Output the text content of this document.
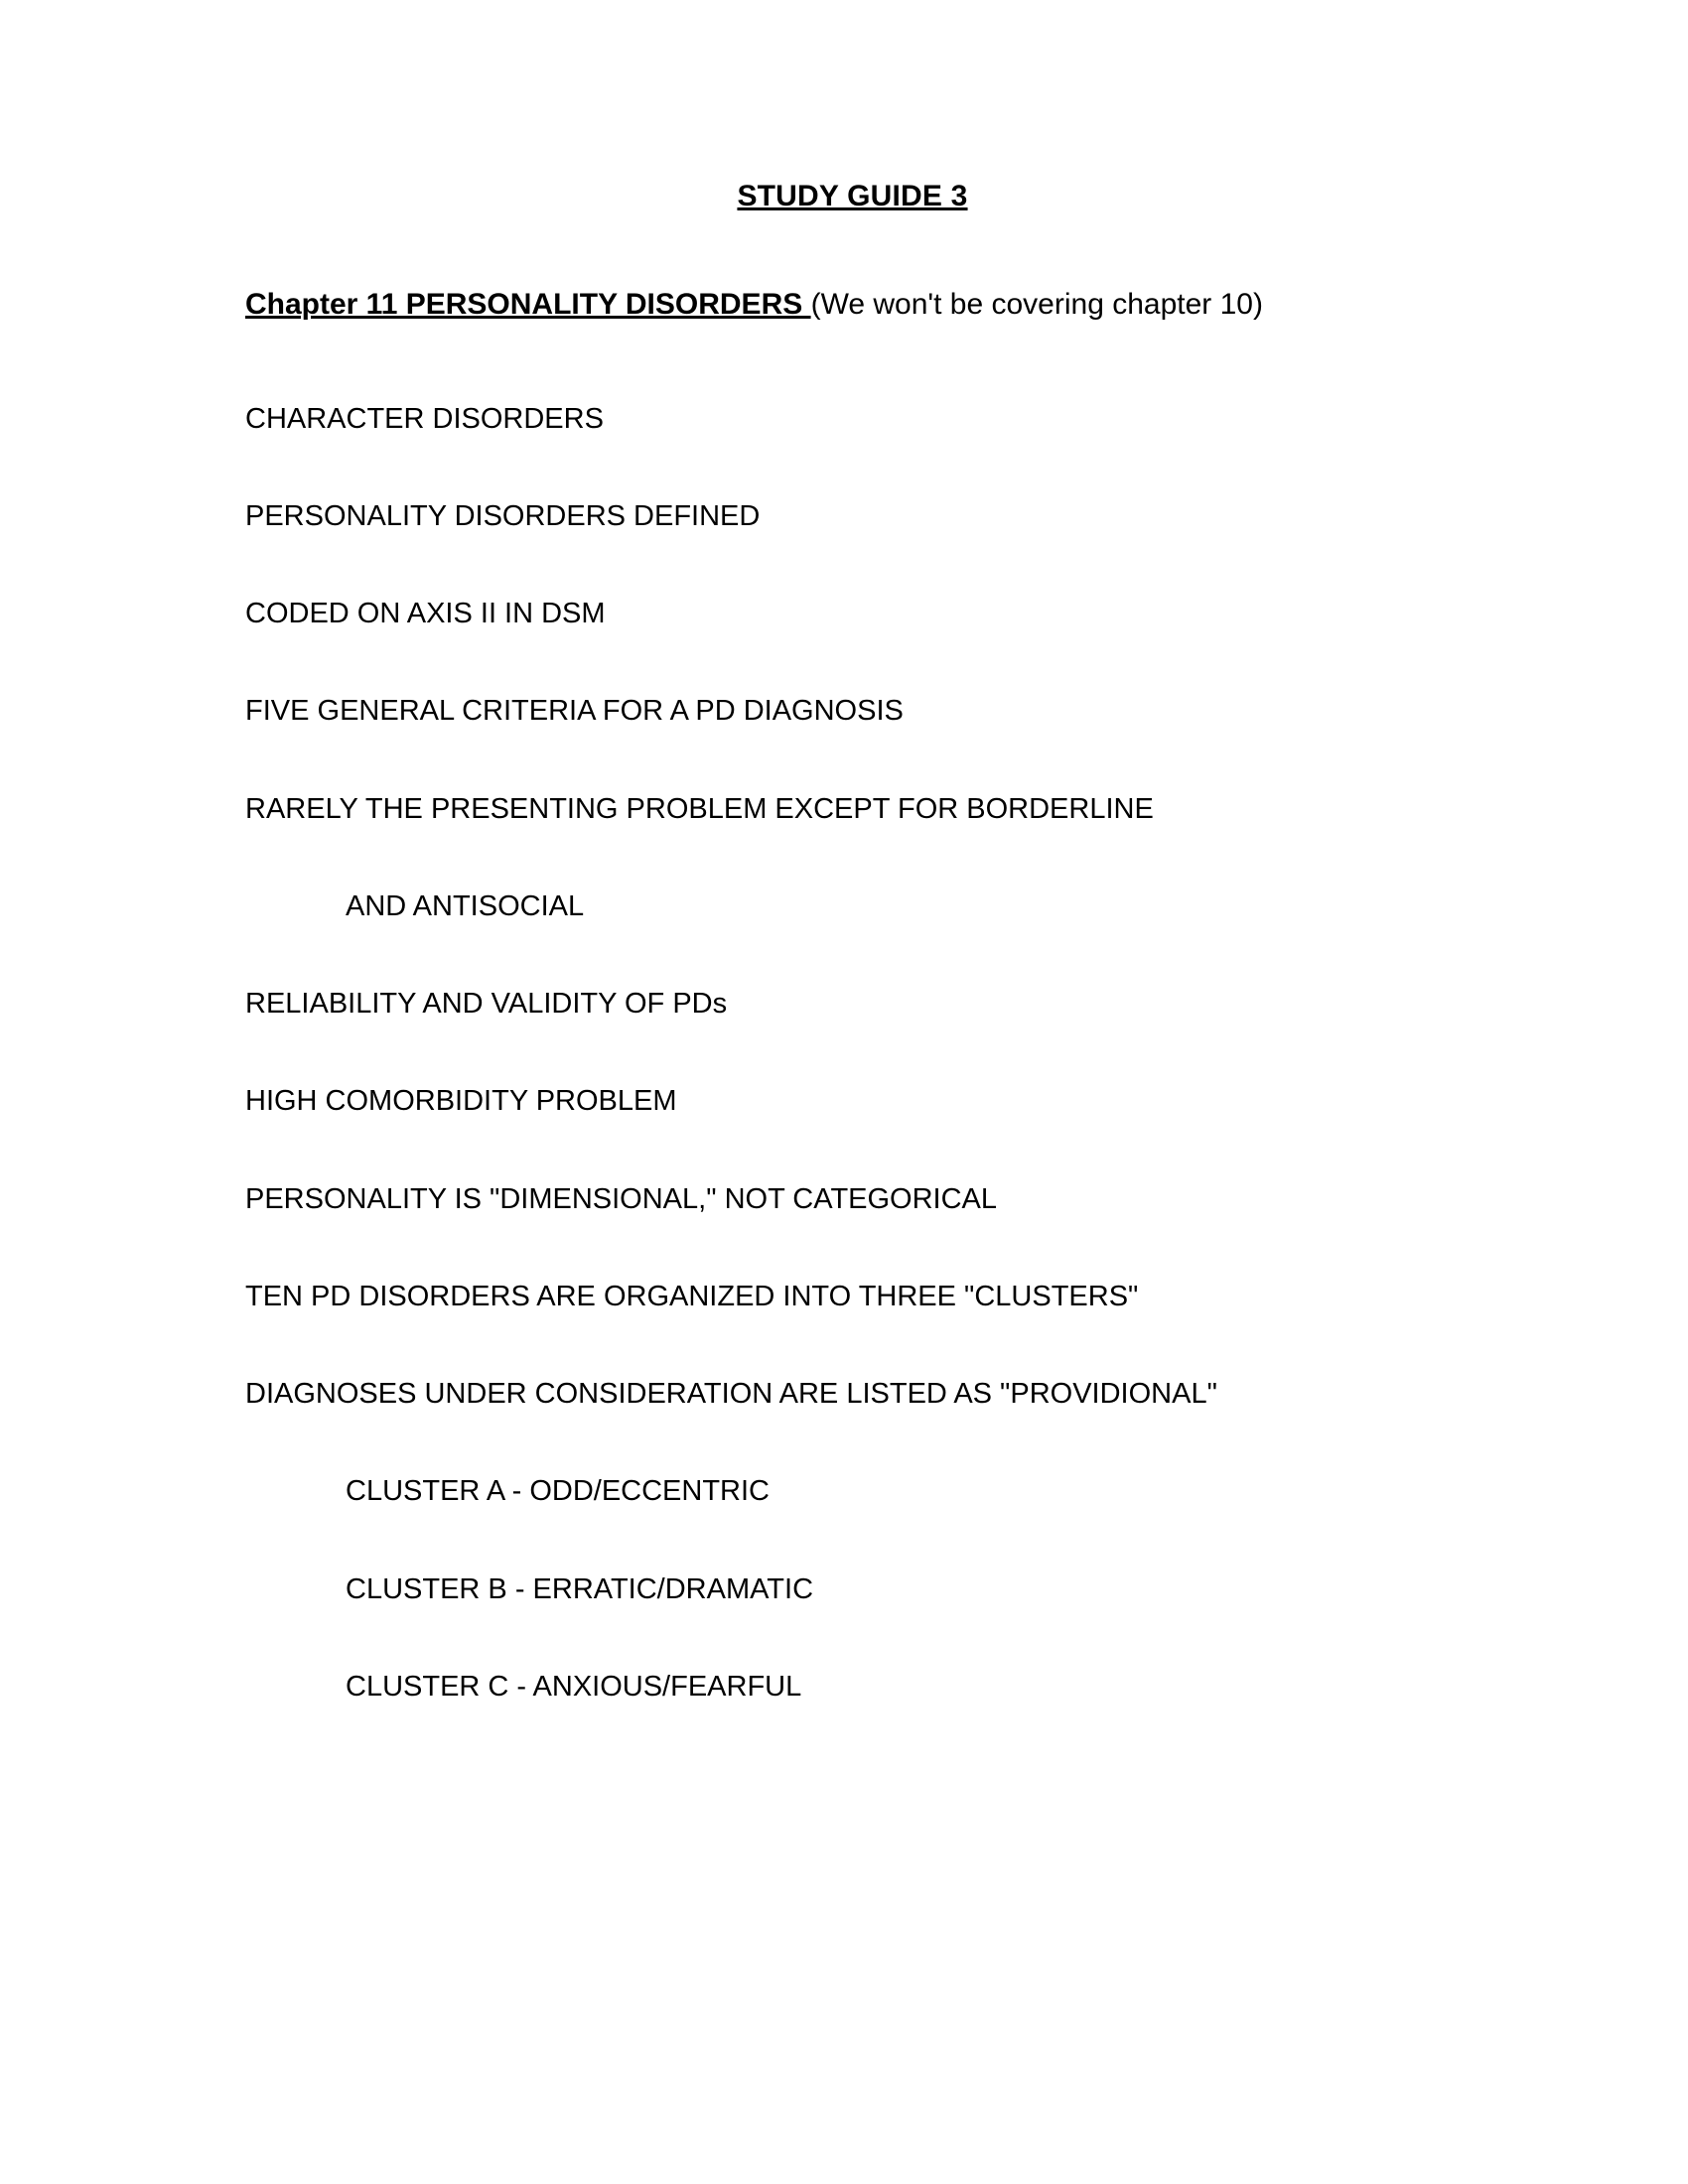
STUDY GUIDE 3
Chapter 11 PERSONALITY DISORDERS (We won't be covering chapter 10)
CHARACTER DISORDERS
PERSONALITY DISORDERS DEFINED
CODED ON AXIS II IN DSM
FIVE GENERAL CRITERIA FOR A PD DIAGNOSIS
RARELY THE PRESENTING PROBLEM EXCEPT FOR BORDERLINE
AND ANTISOCIAL
RELIABILITY AND VALIDITY OF PDs
HIGH COMORBIDITY PROBLEM
PERSONALITY IS "DIMENSIONAL," NOT CATEGORICAL
TEN PD DISORDERS ARE ORGANIZED INTO THREE "CLUSTERS"
DIAGNOSES UNDER CONSIDERATION ARE LISTED AS "PROVIDIONAL"
CLUSTER A - ODD/ECCENTRIC
CLUSTER B - ERRATIC/DRAMATIC
CLUSTER C - ANXIOUS/FEARFUL
